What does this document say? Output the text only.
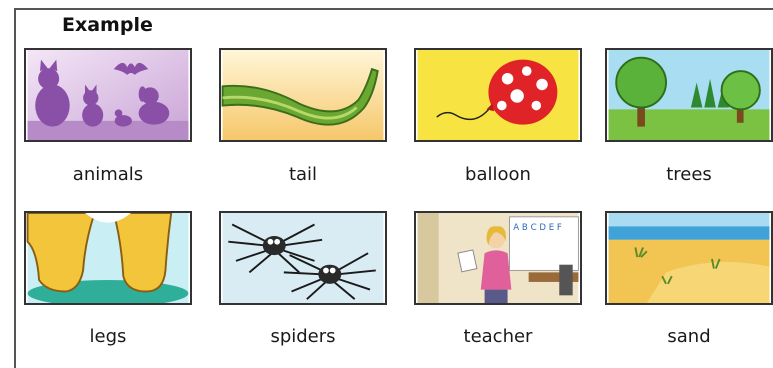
Example
animals	tail	balloon	trees
legs	spiders
A B C D E F
teacher	sand
